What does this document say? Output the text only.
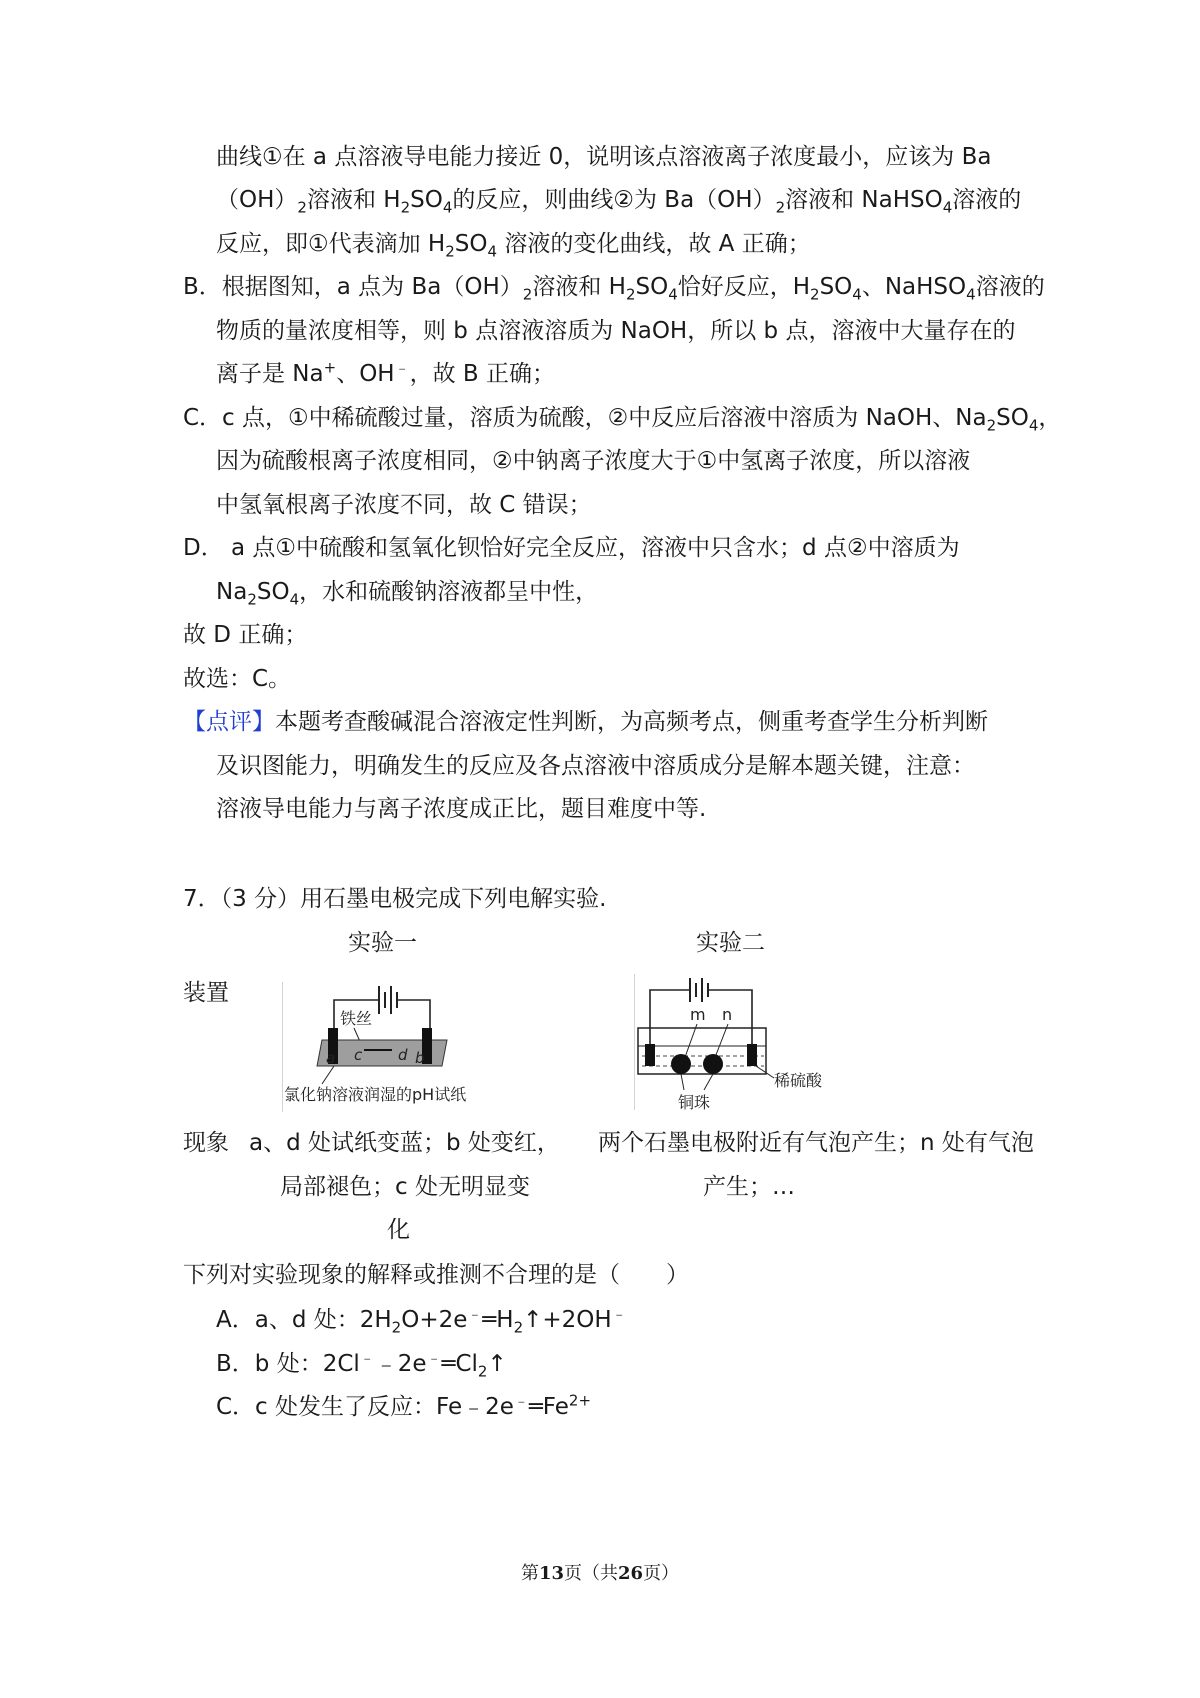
曲线①在 a 点溶液导电能力接近 0，说明该点溶液离子浓度最小，应该为 Ba
$(OH)_2$溶液和 $H_2SO_4$的反应，则曲线②为 $Ba(OH)_2$溶液和 NaHSO$_4$溶液的
反应，即①代表滴加 $H_2SO_4$ 溶液的变化曲线，故 A 正确；
B．根据图知，a 点为 $Ba(OH)_2$溶液和 $H_2SO_4$恰好反应，$H_2SO_4$、NaHSO$_4$溶液的
物质的量浓度相等，则 b 点溶液溶质为 NaOH，所以 b 点，溶液中大量存在的
离子是 Na+、OH﹣，故 B 正确；
C．c 点，①中稀硫酸过量，溶质为硫酸，②中反应后溶液中溶质为 NaOH、$Na_2SO_4$，
因为硫酸根离子浓度相同，②中钠离子浓度大于①中氢离子浓度，所以溶液
中氢氧根离子浓度不同，故 C 错误；
D． a 点①中硫酸和氢氧化钡恰好完全反应，溶液中只含水；d 点②中溶质为
$Na_2SO_4$，水和硫酸钠溶液都呈中性，
故 D 正确；
故选：C。
【点评】本题考查酸碱混合溶液定性判断，为高频考点，侧重考查学生分析判断
及识图能力，明确发生的反应及各点溶液中溶质成分是解本题关键，注意：
溶液导电能力与离子浓度成正比，题目难度中等.
7．（3 分）用石墨电极完成下列电解实验.
实验一	实验二
装置
铁丝
a c d b
氯化钠溶液润湿的pH试纸
m n
稀硫酸
铜珠
现象 a、d 处试纸变蓝；b 处变红， 两个石墨电极附近有气泡产生；n 处有气泡
局部褪色；c 处无明显变	产生；…
化
下列对实验现象的解释或推测不合理的是（　　）
A．a、d 处：$2H_2O+2e^﹣═H_2↑+2OH^﹣$
B．b 处：$2Cl^﹣﹣2e^﹣═Cl_2↑$
C．c 处发生了反应：$Fe﹣2e^﹣═Fe^{2+}$
第13页（共26页）
